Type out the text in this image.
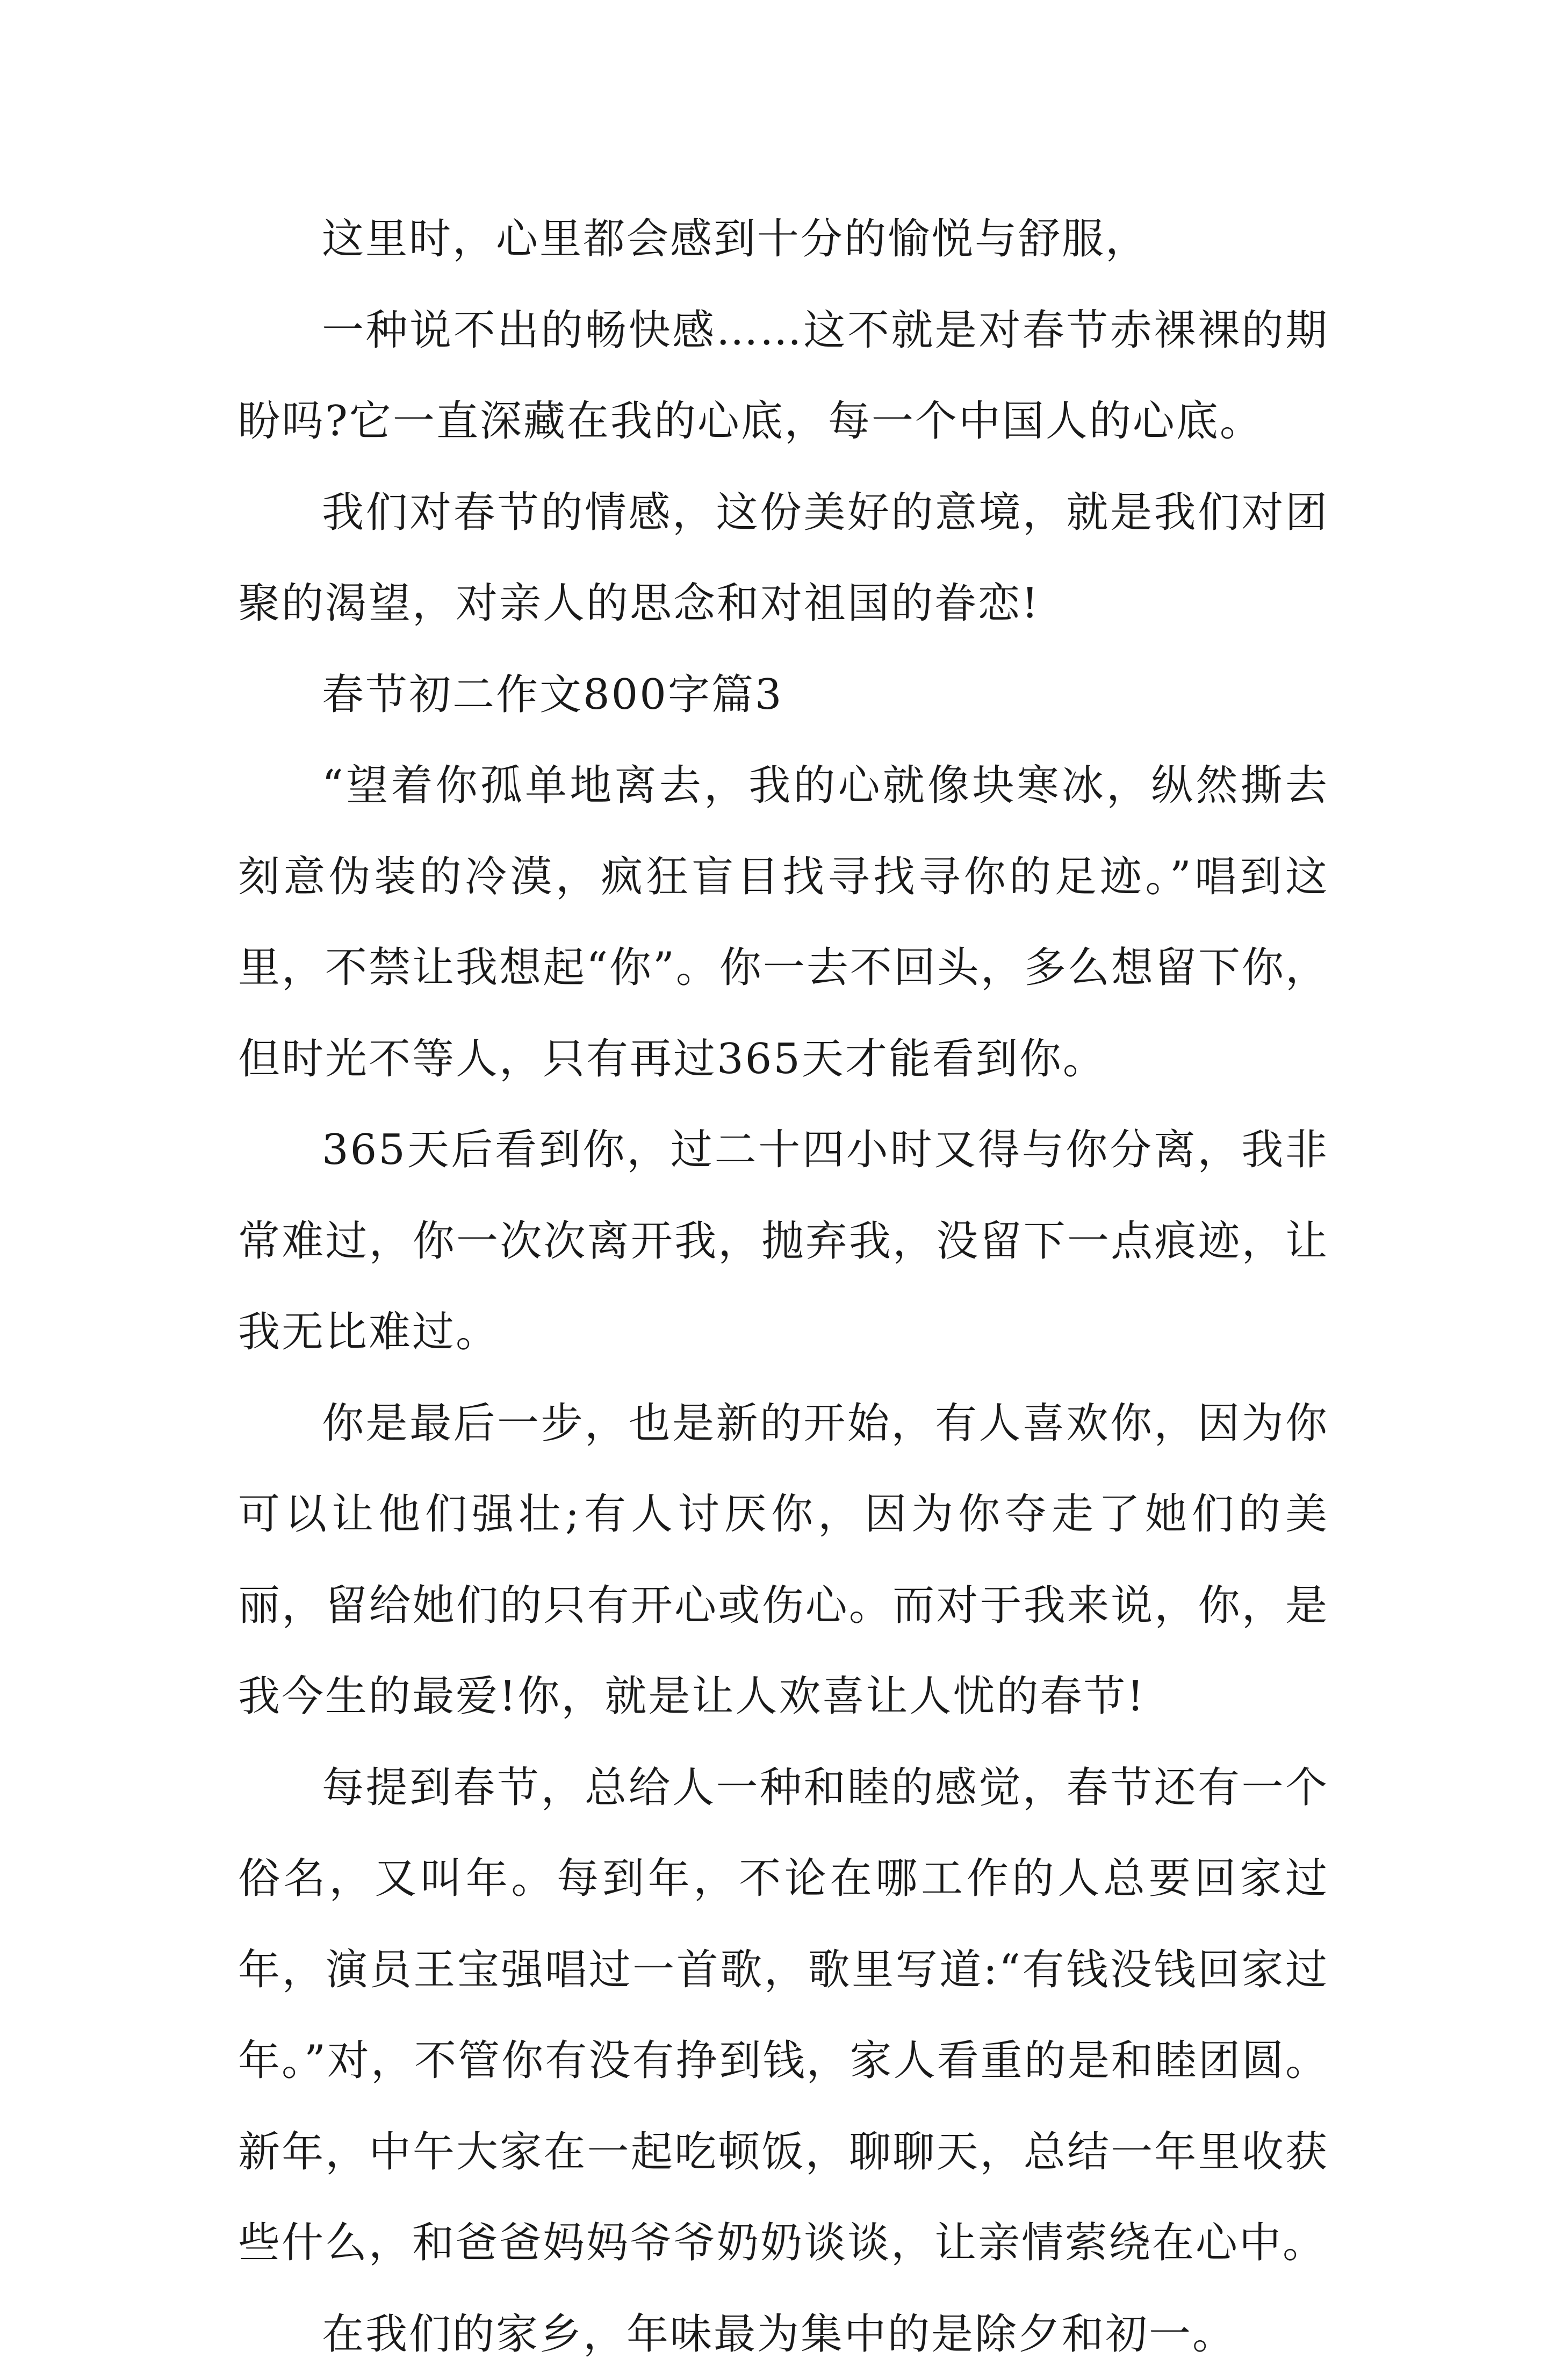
这里时，心里都会感到十分的愉悦与舒服，

一种说不出的畅快感……这不就是对春节赤裸裸的期盼吗?它一直深藏在我的心底，每一个中国人的心底。

我们对春节的情感，这份美好的意境，就是我们对团聚的渴望，对亲人的思念和对祖国的眷恋!

春节初二作文800字篇3

“望着你孤单地离去，我的心就像块寒冰，纵然撕去刻意伪装的冷漠，疯狂盲目找寻找寻你的足迹。”唱到这里，不禁让我想起“你”。你一去不回头，多么想留下你，但时光不等人，只有再过365天才能看到你。

365天后看到你，过二十四小时又得与你分离，我非常难过，你一次次离开我，抛弃我，没留下一点痕迹，让我无比难过。

你是最后一步，也是新的开始，有人喜欢你，因为你可以让他们强壮;有人讨厌你，因为你夺走了她们的美丽，留给她们的只有开心或伤心。而对于我来说，你，是我今生的最爱!你，就是让人欢喜让人忧的春节!

每提到春节，总给人一种和睦的感觉，春节还有一个俗名，又叫年。每到年，不论在哪工作的人总要回家过年，演员王宝强唱过一首歌，歌里写道:“有钱没钱回家过年。”对，不管你有没有挣到钱，家人看重的是和睦团圆。新年，中午大家在一起吃顿饭，聊聊天，总结一年里收获些什么，和爸爸妈妈爷爷奶奶谈谈，让亲情萦绕在心中。

在我们的家乡，年味最为集中的是除夕和初一。
